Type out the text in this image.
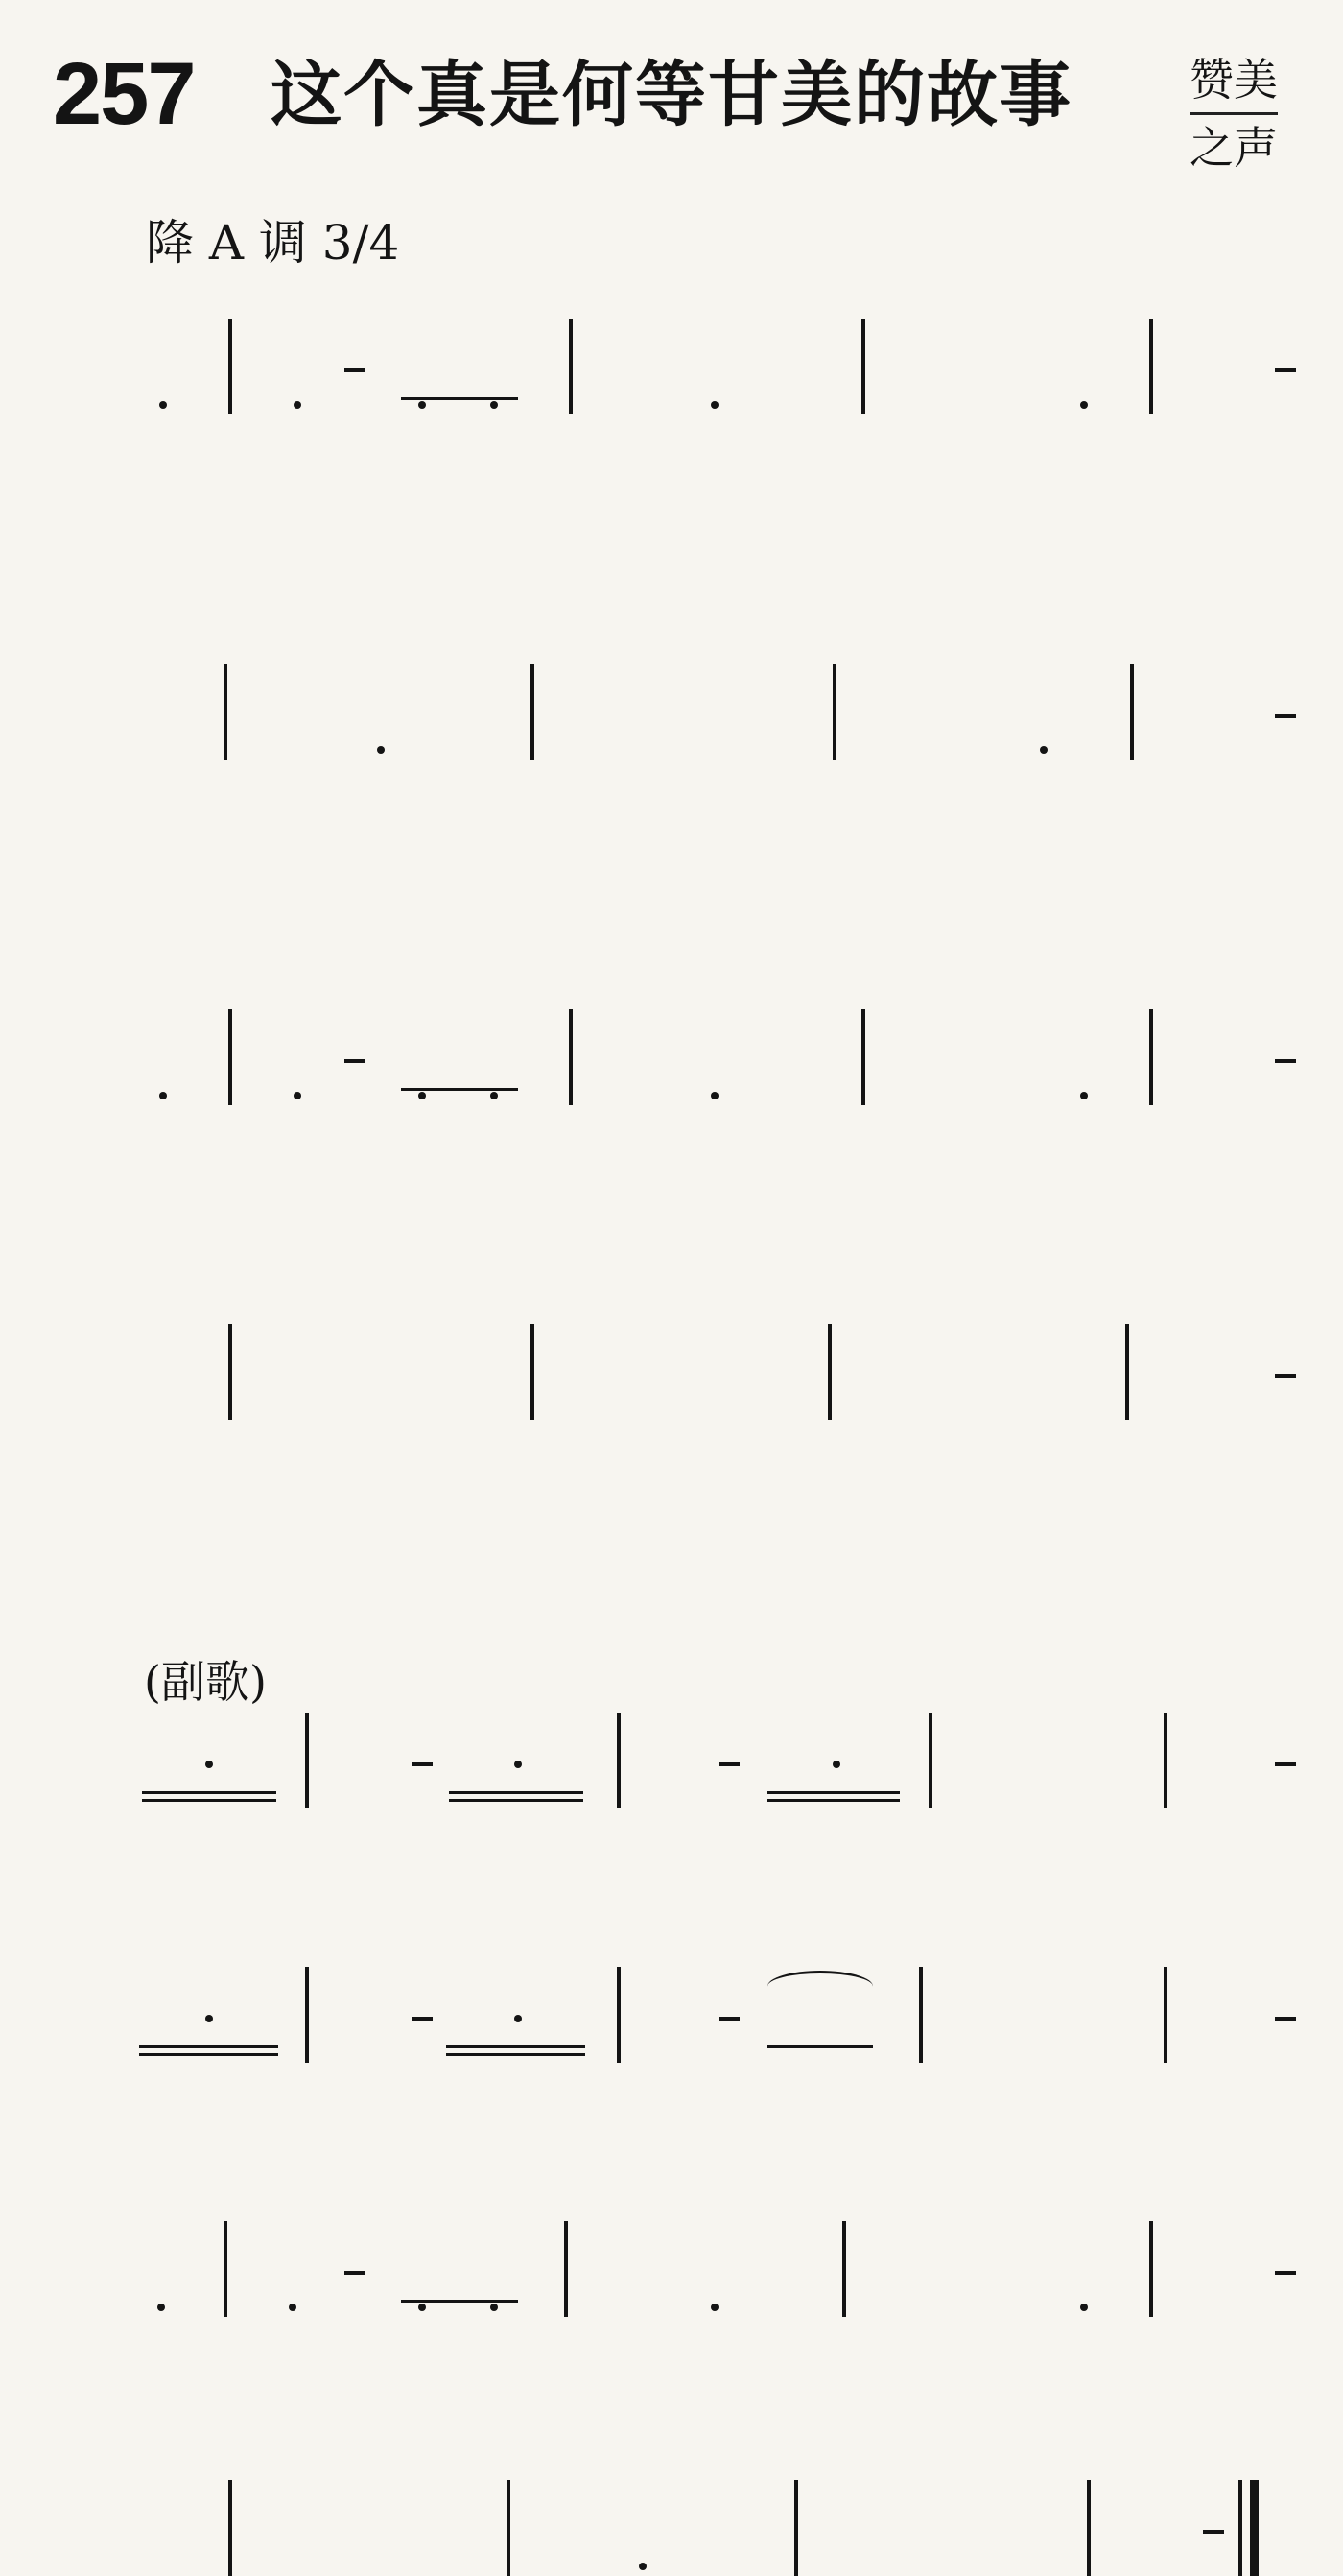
257 这个真是何等甘美的故事	赞美
之声
降 A 调 3/4
(副歌)
